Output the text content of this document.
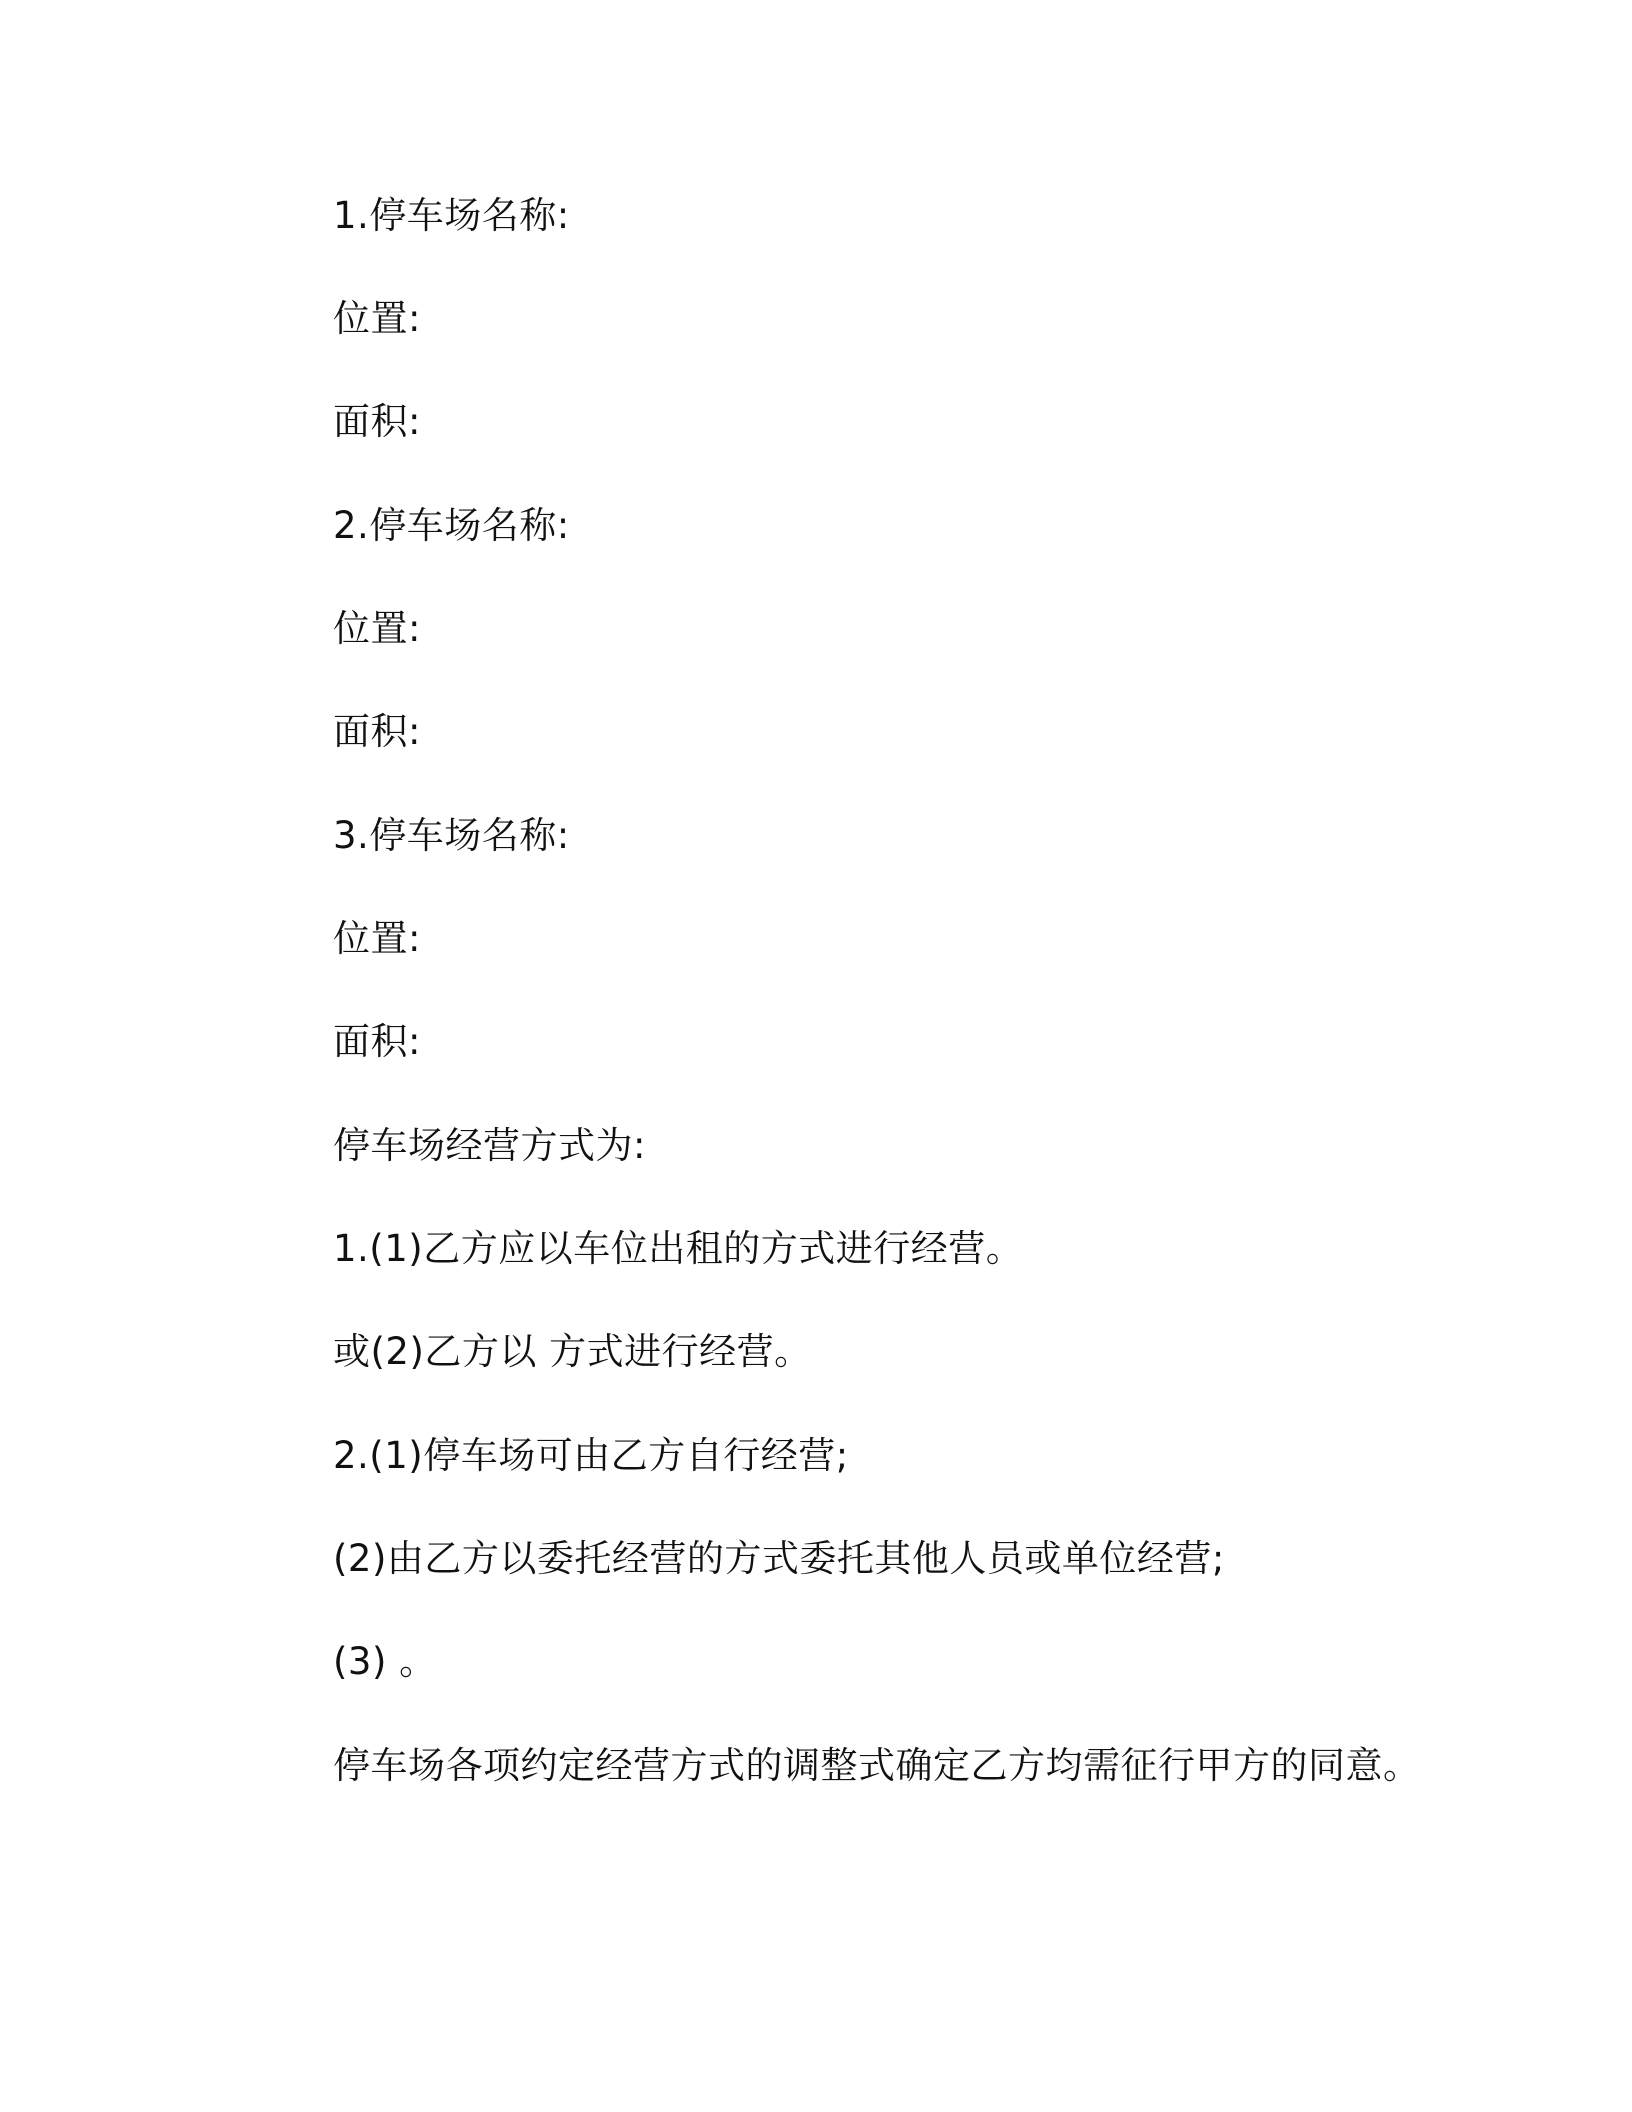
1.停车场名称:
位置:
面积:
2.停车场名称:
位置:
面积:
3.停车场名称:
位置:
面积:
停车场经营方式为:
1.(1)乙方应以车位出租的方式进行经营。
或(2)乙方以 方式进行经营。
2.(1)停车场可由乙方自行经营;
(2)由乙方以委托经营的方式委托其他人员或单位经营;
(3) 。
停车场各项约定经营方式的调整式确定乙方均需征行甲方的同意。
